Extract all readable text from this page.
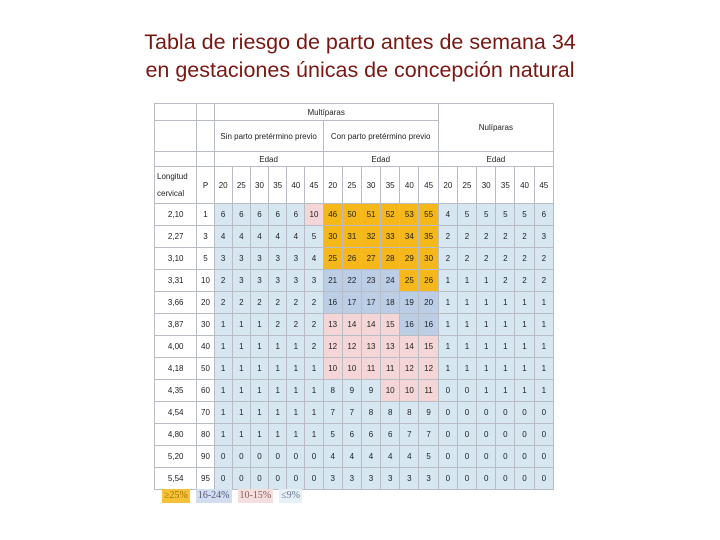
Tabla de riesgo de parto antes de semana 34
en gestaciones únicas de concepción natural
		Multíparas												Nulíparas					
		Sin parto pretérmino previo						Con parto pretérmino previo											
		Edad						Edad						Edad					
Longitud cervical	P	20	25	30	35	40	45	20	25	30	35	40	45	20	25	30	35	40	45
2,10	1	6	6	6	6	6	10	46	50	51	52	53	55	4	5	5	5	5	6
2,27	3	4	4	4	4	4	5	30	31	32	33	34	35	2	2	2	2	2	3
3,10	5	3	3	3	3	3	4	25	26	27	28	29	30	2	2	2	2	2	2
3,31	10	2	3	3	3	3	3	21	22	23	24	25	26	1	1	1	2	2	2
3,66	20	2	2	2	2	2	2	16	17	17	18	19	20	1	1	1	1	1	1
3,87	30	1	1	1	2	2	2	13	14	14	15	16	16	1	1	1	1	1	1
4,00	40	1	1	1	1	1	2	12	12	13	13	14	15	1	1	1	1	1	1
4,18	50	1	1	1	1	1	1	10	10	11	11	12	12	1	1	1	1	1	1
4,35	60	1	1	1	1	1	1	8	9	9	10	10	11	0	0	1	1	1	1
4,54	70	1	1	1	1	1	1	7	7	8	8	8	9	0	0	0	0	0	0
4,80	80	1	1	1	1	1	1	5	6	6	6	7	7	0	0	0	0	0	0
5,20	90	0	0	0	0	0	0	4	4	4	4	4	5	0	0	0	0	0	0
5,54	95	0	0	0	0	0	0	3	3	3	3	3	3	0	0	0	0	0	0
≥25% 16-24% 10-15% ≤9%
